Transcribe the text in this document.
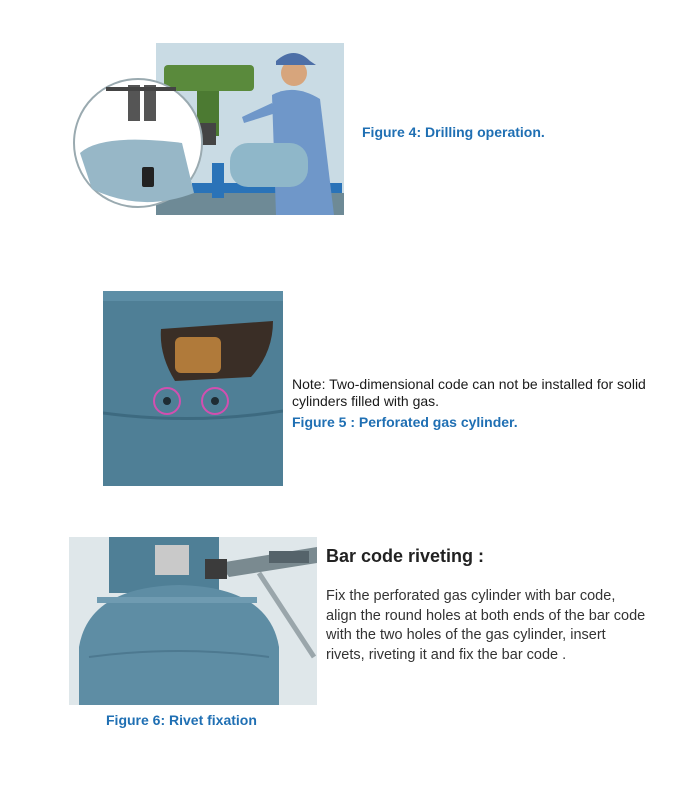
Figure 4: Drilling operation.
Note: Two-dimensional code can not be installed for solid cylinders filled with gas.
Figure 5 : Perforated gas cylinder.
Figure 6: Rivet fixation
Bar code riveting :
Fix the perforated gas cylinder with bar code, align the round holes at both ends of the bar code with the two holes of the gas cylinder, insert rivets, riveting it and fix the bar code .
